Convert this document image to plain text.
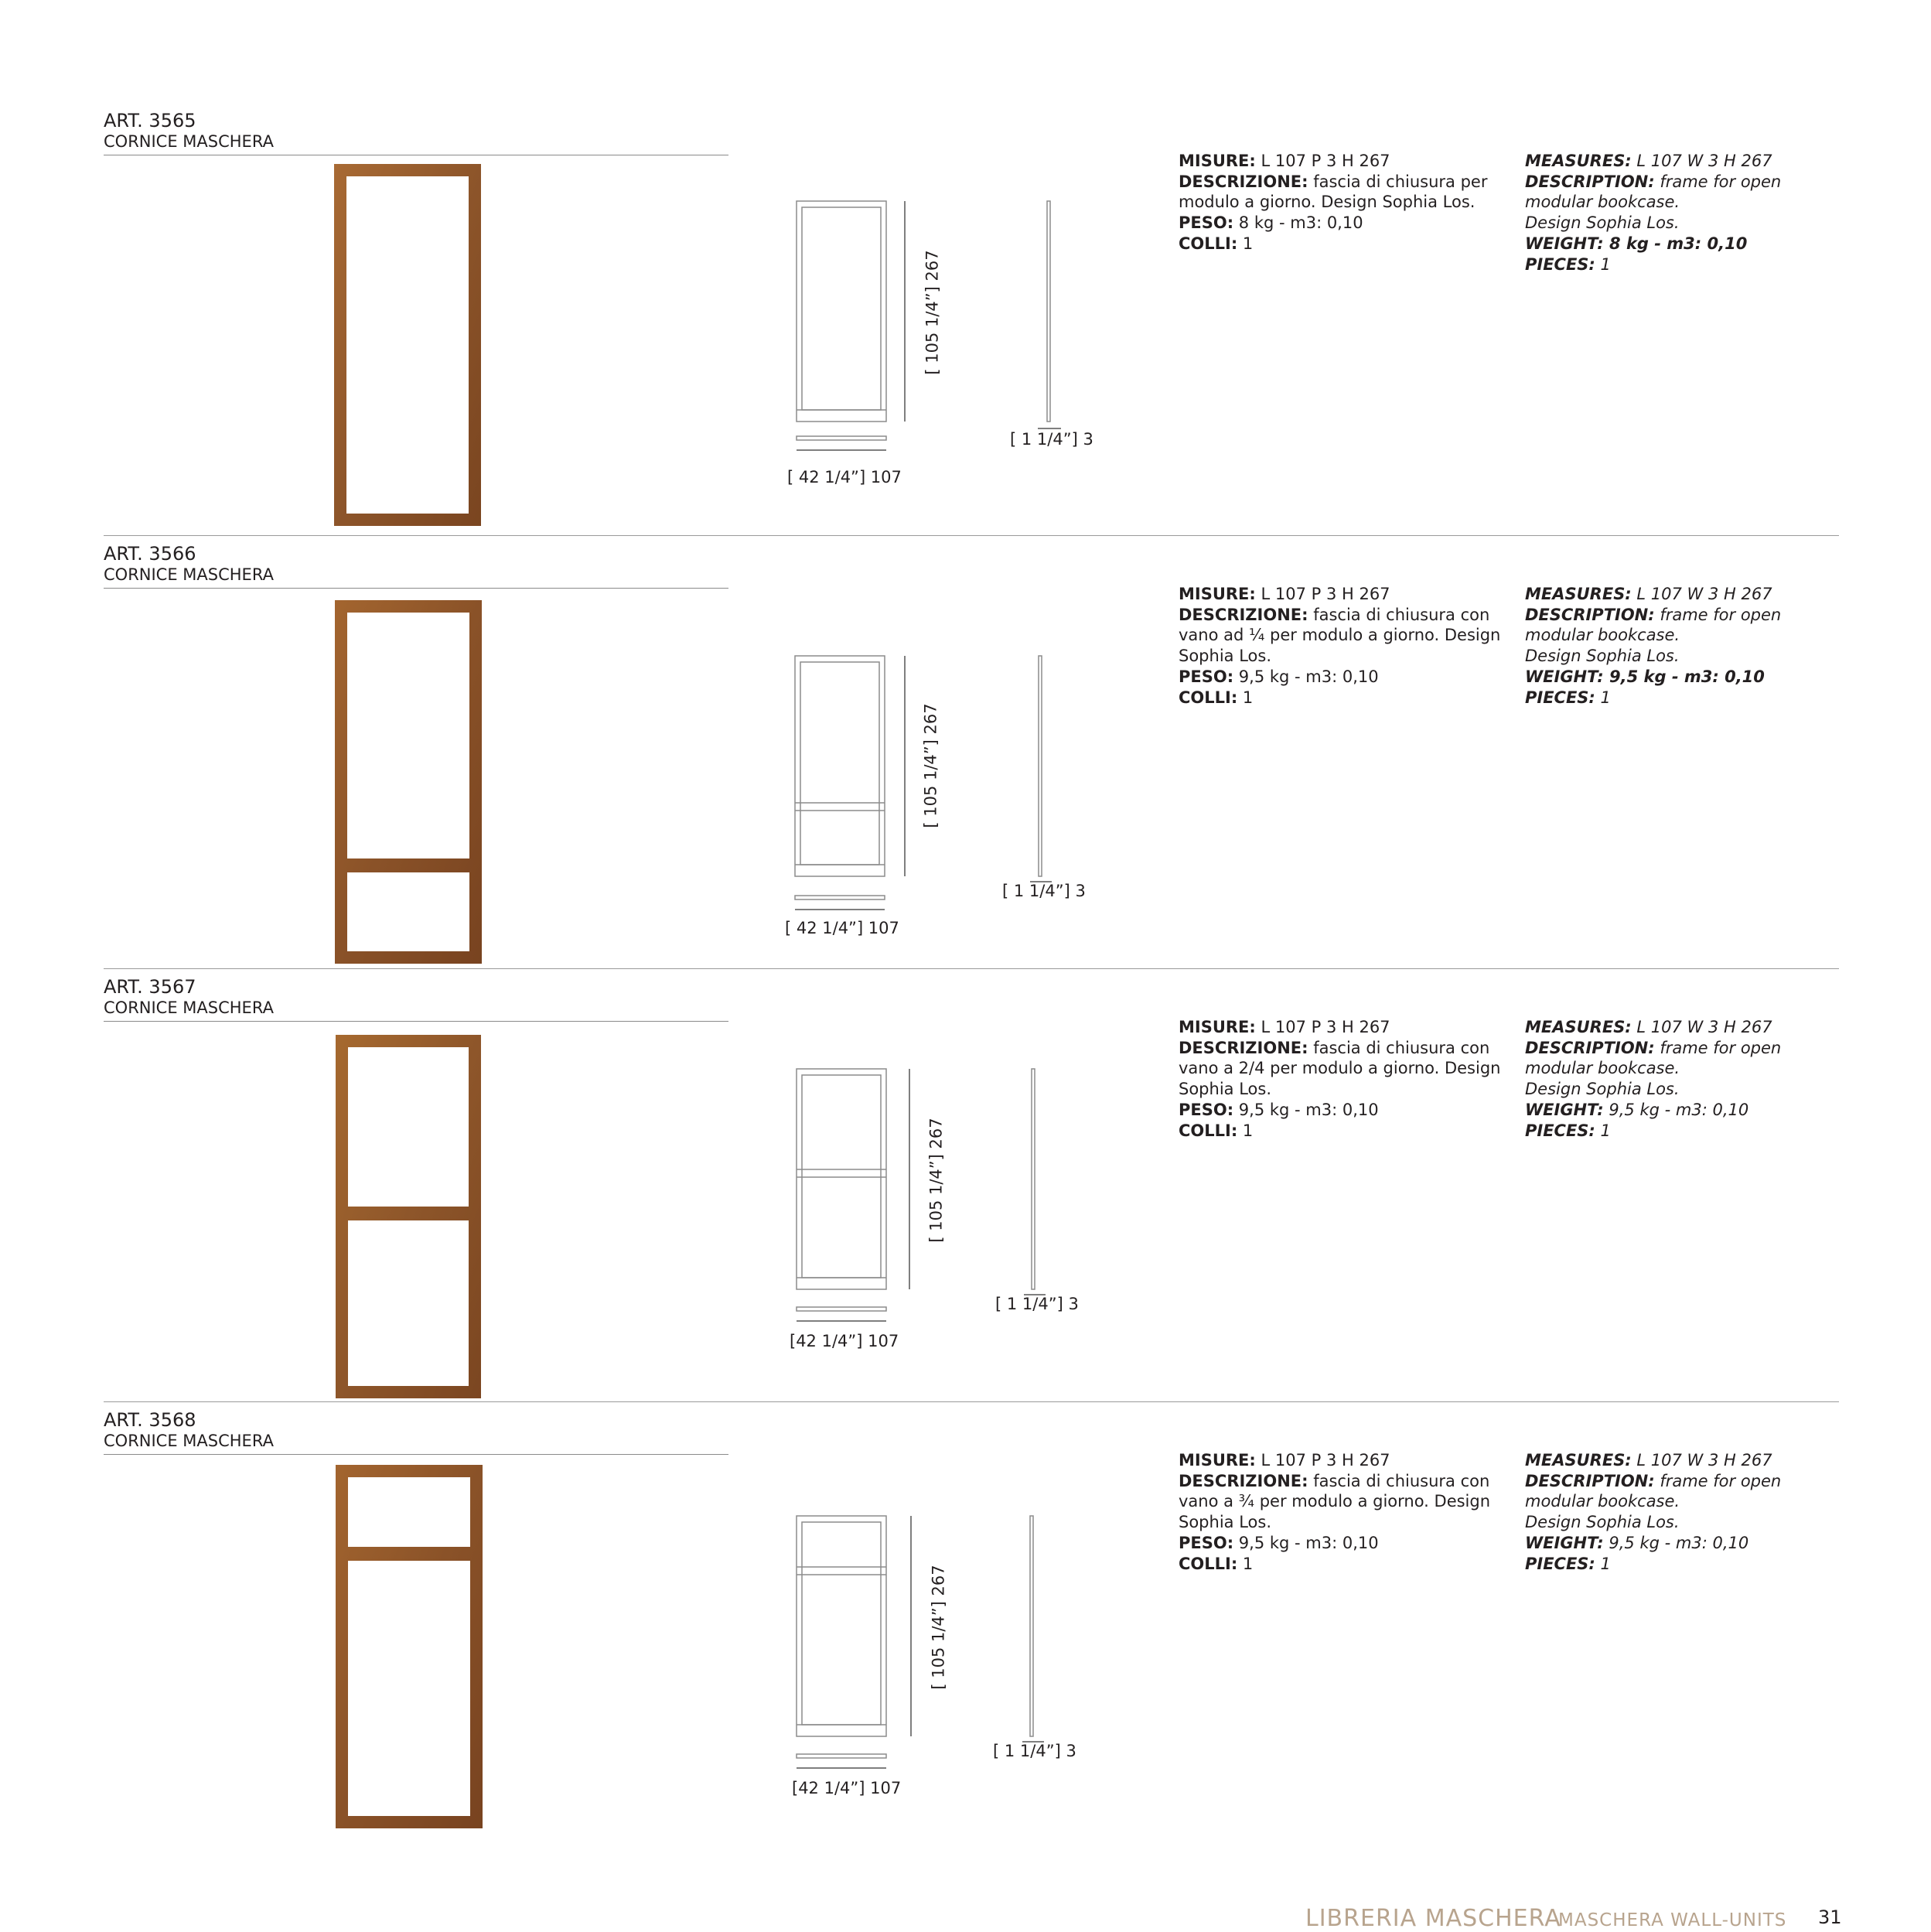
ART. 3565
CORNICE MASCHERA
[ 105 1/4”] 267
[ 42 1/4”] 107
[ 1 1/4”] 3
MISURE: L 107 P 3 H 267
DESCRIZIONE: fascia di chiusura per modulo a giorno. Design Sophia Los.
PESO: 8 kg - m3: 0,10
COLLI: 1
MEASURES: L 107 W 3 H 267
DESCRIPTION: frame for open modular bookcase.
Design Sophia Los.
WEIGHT: 8 kg - m3: 0,10
PIECES: 1
ART. 3566
CORNICE MASCHERA
[ 105 1/4”] 267
[ 42 1/4”] 107
[ 1 1/4”] 3
MISURE: L 107 P 3 H 267
DESCRIZIONE: fascia di chiusura con vano ad ¼ per modulo a giorno. Design Sophia Los.
PESO: 9,5 kg - m3: 0,10
COLLI: 1
MEASURES: L 107 W 3 H 267
DESCRIPTION: frame for open modular bookcase.
Design Sophia Los.
WEIGHT: 9,5 kg - m3: 0,10
PIECES: 1
ART. 3567
CORNICE MASCHERA
[ 105 1/4”] 267
[42 1/4”] 107
[ 1 1/4”] 3
MISURE: L 107 P 3 H 267
DESCRIZIONE: fascia di chiusura con vano a 2/4 per modulo a giorno. Design Sophia Los.
PESO: 9,5 kg - m3: 0,10
COLLI: 1
MEASURES: L 107 W 3 H 267
DESCRIPTION: frame for open modular bookcase.
Design Sophia Los.
WEIGHT: 9,5 kg - m3: 0,10
PIECES: 1
ART. 3568
CORNICE MASCHERA
[ 105 1/4”] 267
[42 1/4”] 107
[ 1 1/4”] 3
MISURE: L 107 P 3 H 267
DESCRIZIONE: fascia di chiusura con vano a ¾ per modulo a giorno. Design Sophia Los.
PESO: 9,5 kg - m3: 0,10
COLLI: 1
MEASURES: L 107 W 3 H 267
DESCRIPTION: frame for open modular bookcase.
Design Sophia Los.
WEIGHT: 9,5 kg - m3: 0,10
PIECES: 1
LIBRERIA MASCHERA
MASCHERA WALL-UNITS 31
